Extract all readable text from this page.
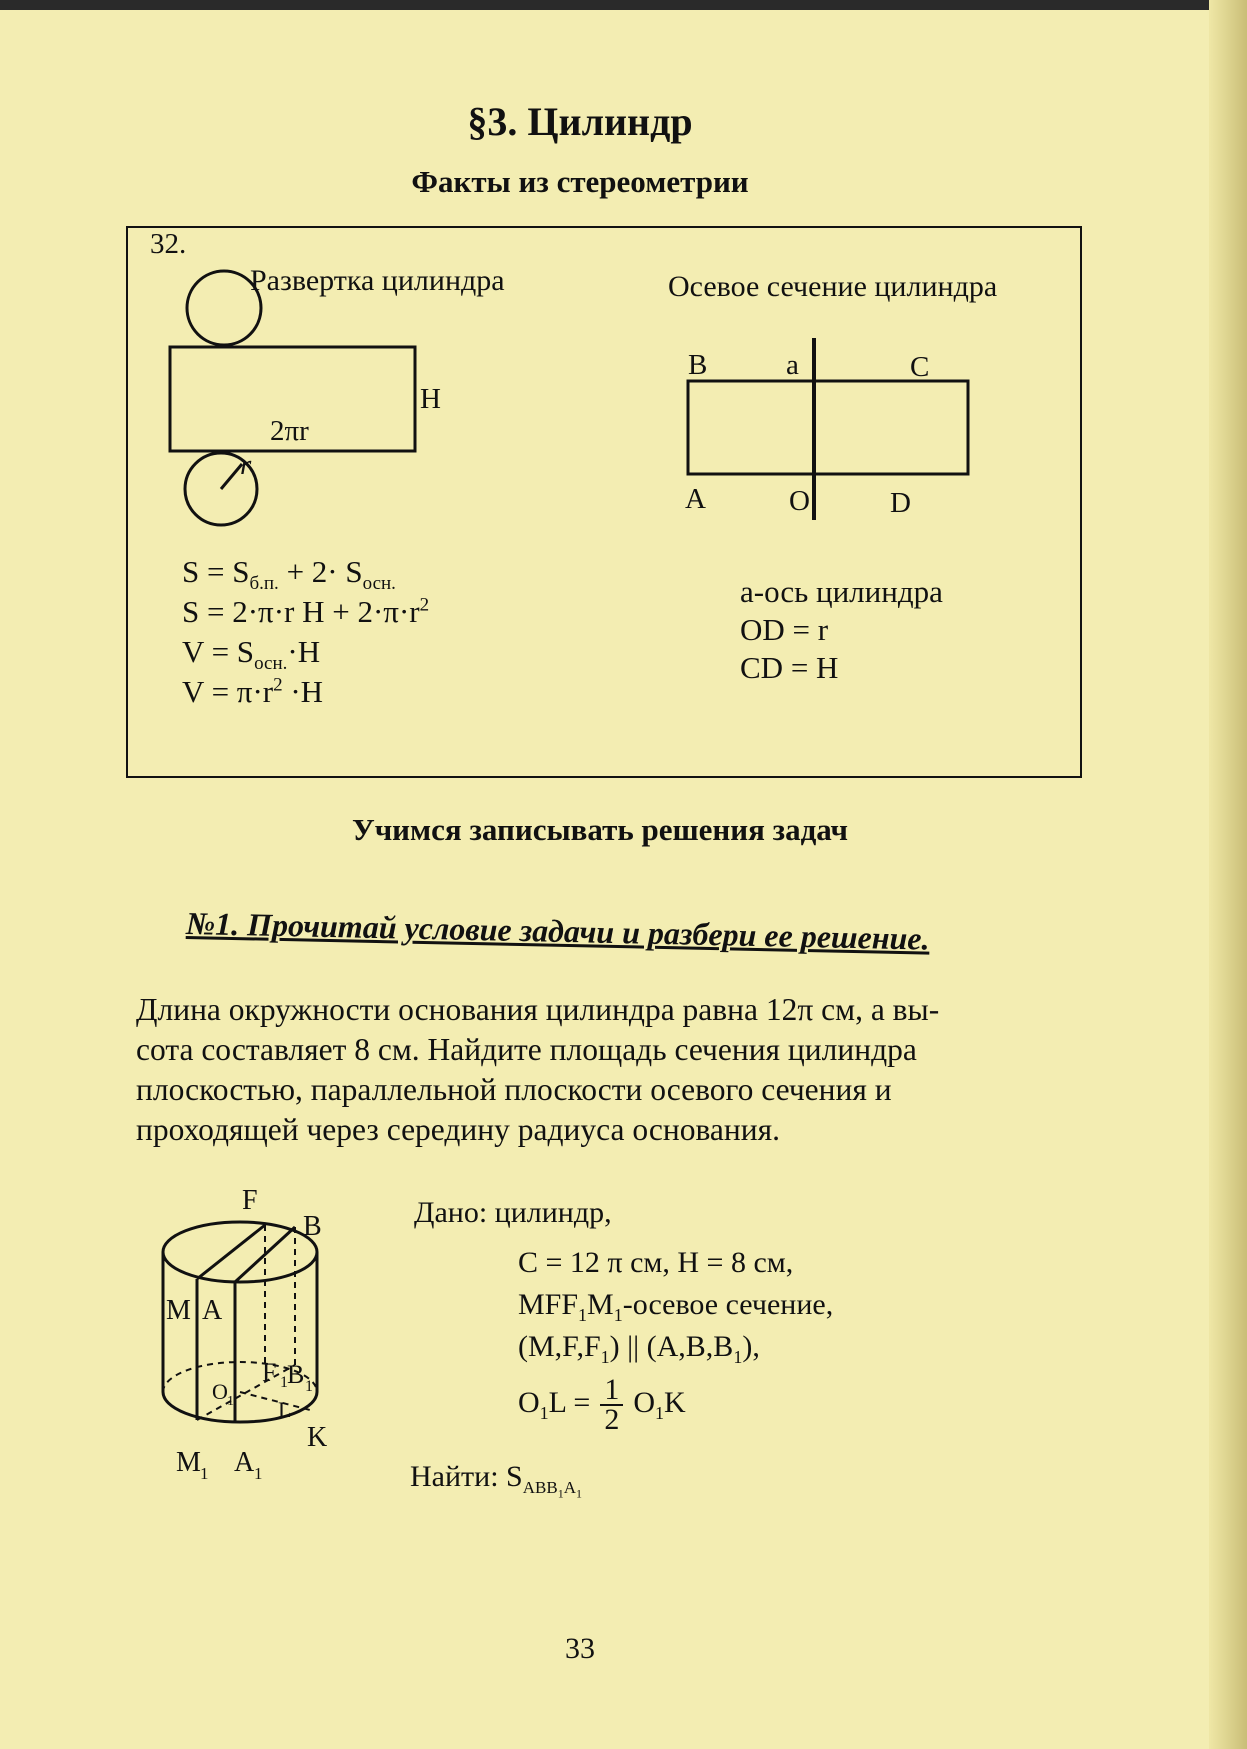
§3. Цилиндр
Факты из стереометрии
32.
Развертка цилиндра	Осевое сечение цилиндра
2πr
H
r
B	a	C
A	O	D
$S = S_{б.п.} + 2\cdot S_{осн.}$
S = 2·π·r $H + 2\cdot\pi\cdot r^2$
$V = S_{осн.}\cdot H$
$V = \pi\cdot r^2 \cdot H$
a-ось цилиндра
OD = r
CD = H
Учимся записывать решения задач
№1. Прочитай условие задачи и разбери ее решение.
Длина окружности основания цилиндра равна 12π см, а вы-
сота составляет 8 см. Найдите площадь сечения цилиндра
плоскостью, параллельной плоскости осевого сечения и
проходящей через середину радиуса основания.
F
B
M A
F 1 B 1
O 1 L
K
M 1 A 1
Дано: цилиндр,
C = 12 π см, H = 8 см,
$MFF_1M_1$-осевое сечение,
$(M,F,F_1)$ || $(A,B,B_1)$,
$O_1L = \frac{1}{2} O_1K$
Найти: $S_{ABB_1A_1}$
33
